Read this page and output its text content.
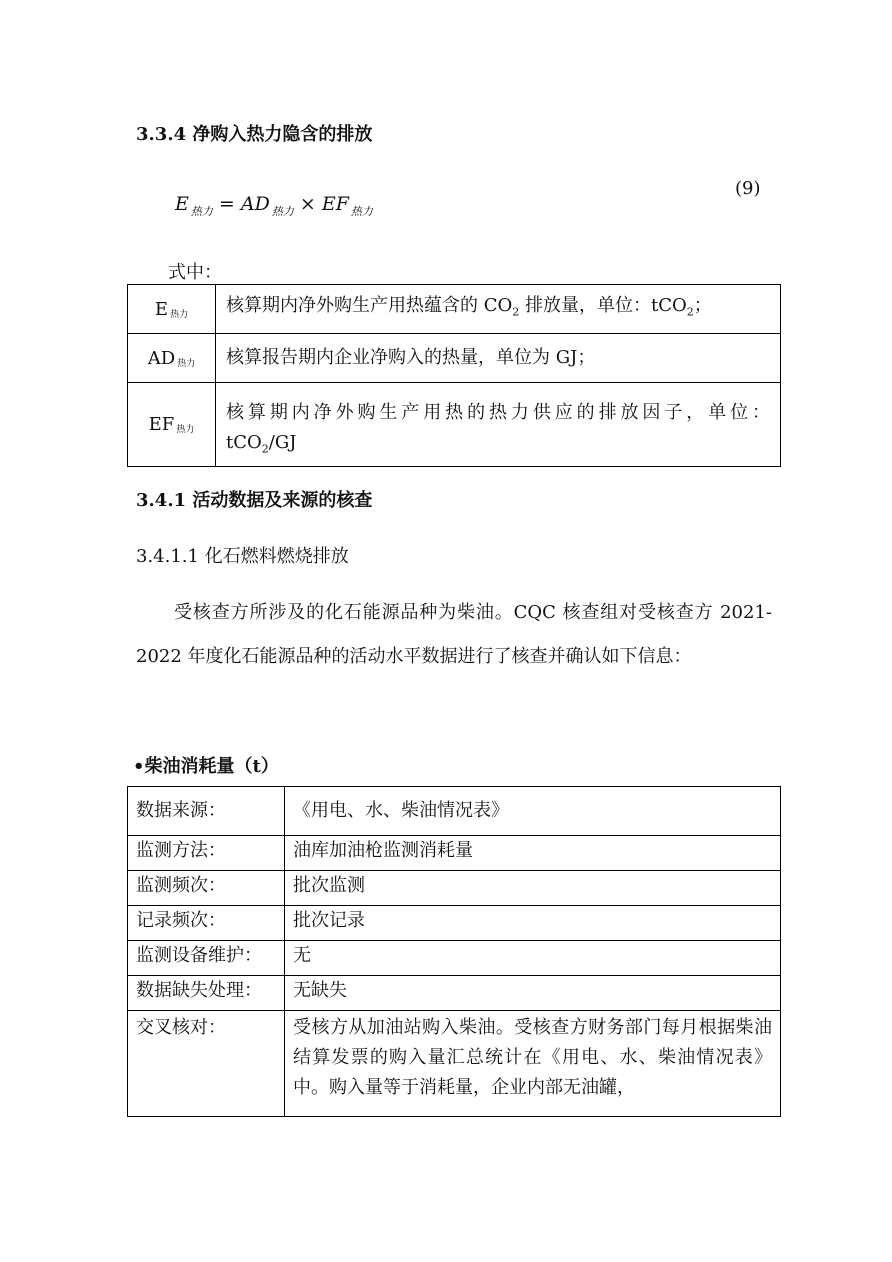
3.3.4 净购入热力隐含的排放
E $_{热力}$ = AD $_{热力}$ × EF $_{热力}$
(9)
式中：
E 热力	核算期内净外购生产用热蕴含的 $CO_2$ 排放量，单位：tCO$_2$；
AD 热力	核算报告期内企业净购入的热量，单位为 GJ；
EF 热力	核算期内净外购生产用热的热力供应的排放因子，单位：
tCO$_2$/GJ
3.4.1 活动数据及来源的核查
3.4.1.1 化石燃料燃烧排放
受核查方所涉及的化石能源品种为柴油。CQC 核查组对受核查方 2021-2022 年度化石能源品种的活动水平数据进行了核查并确认如下信息：
•柴油消耗量（t）
数据来源：	《用电、水、柴油情况表》
监测方法：	油库加油枪监测消耗量
监测频次：	批次监测
记录频次：	批次记录
监测设备维护：	无
数据缺失处理：	无缺失
交叉核对：	受核方从加油站购入柴油。受核查方财务部门每月根据柴油结算发票的购入量汇总统计在《用电、水、柴油情况表》中。购入量等于消耗量，企业内部无油罐，
